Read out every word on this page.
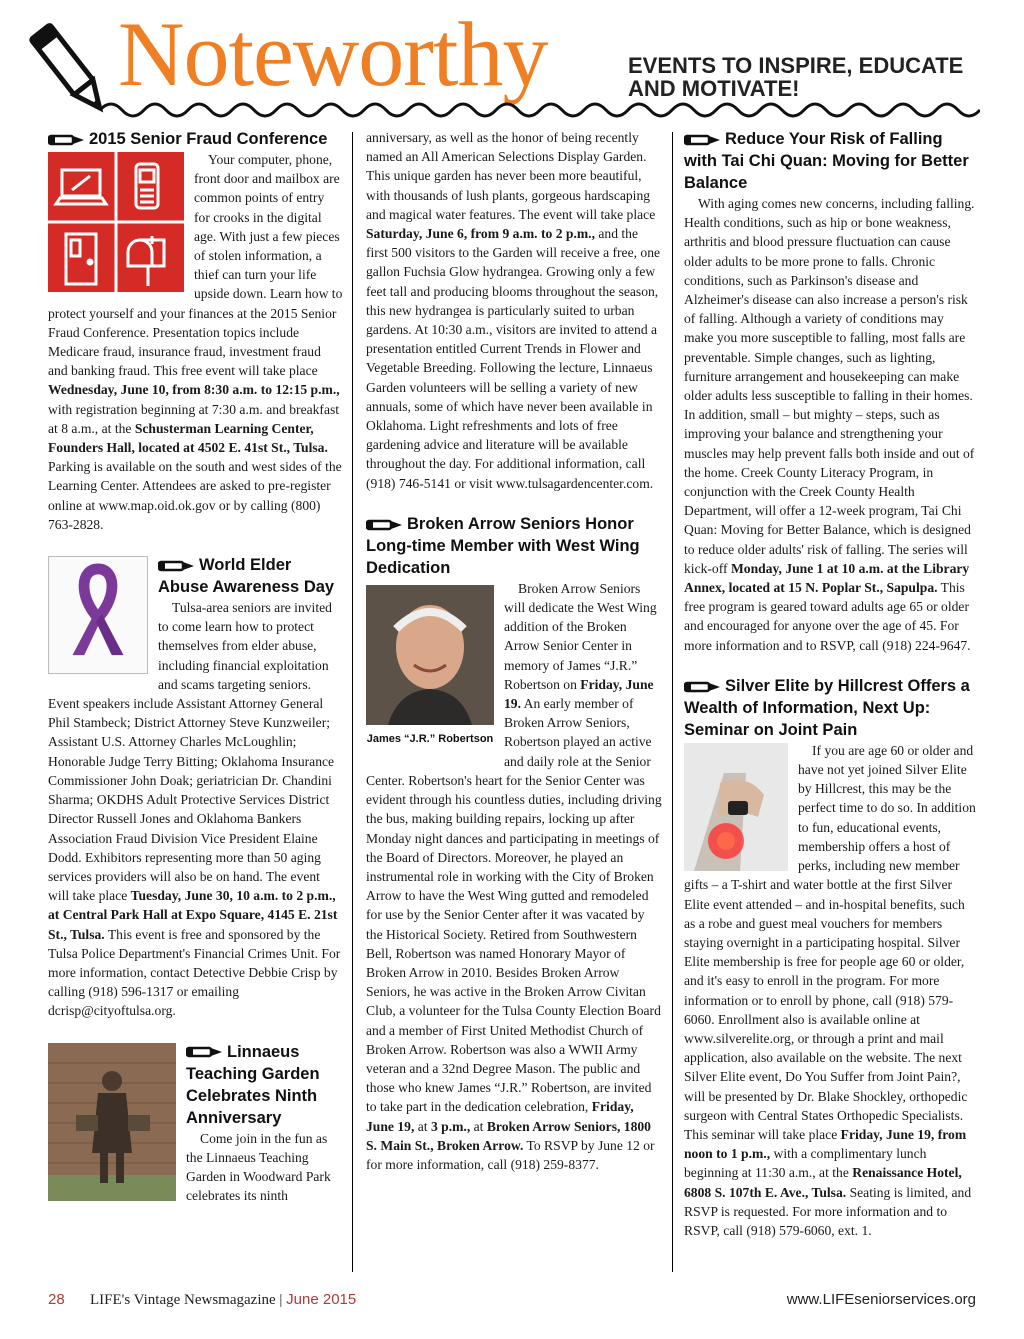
Noteworthy	EVENTS TO INSPIRE, EDUCATE AND MOTIVATE!
2015 Senior Fraud Conference

Your computer, phone, front door and mailbox are common points of entry for crooks in the digital age. With just a few pieces of stolen information, a thief can turn your life upside down. Learn how to protect yourself and your finances at the 2015 Senior Fraud Conference. Presentation topics include Medicare fraud, insurance fraud, investment fraud and banking fraud. This free event will take place Wednesday, June 10, from 8:30 a.m. to 12:15 p.m., with registration beginning at 7:30 a.m. and breakfast at 8 a.m., at the Schusterman Learning Center, Founders Hall, located at 4502 E. 41st St., Tulsa. Parking is available on the south and west sides of the Learning Center. Attendees are asked to pre-register online at www.map.oid.ok.gov or by calling (800) 763-2828.

World Elder Abuse Awareness Day

Tulsa-area seniors are invited to come learn how to protect themselves from elder abuse, including financial exploitation and scams targeting seniors. Event speakers include Assistant Attorney General Phil Stambeck; District Attorney Steve Kunzweiler; Assistant U.S. Attorney Charles McLoughlin; Honorable Judge Terry Bitting; Oklahoma Insurance Commissioner John Doak; geriatrician Dr. Chandini Sharma; OKDHS Adult Protective Services District Director Russell Jones and Oklahoma Bankers Association Fraud Division Vice President Elaine Dodd. Exhibitors representing more than 50 aging services providers will also be on hand. The event will take place Tuesday, June 30, 10 a.m. to 2 p.m., at Central Park Hall at Expo Square, 4145 E. 21st St., Tulsa. This event is free and sponsored by the Tulsa Police Department's Financial Crimes Unit. For more information, contact Detective Debbie Crisp by calling (918) 596-1317 or emailing dcrisp@cityoftulsa.org.

Linnaeus Teaching Garden Celebrates Ninth Anniversary

Come join in the fun as the Linnaeus Teaching Garden in Woodward Park celebrates its ninth

anniversary, as well as the honor of being recently named an All American Selections Display Garden. This unique garden has never been more beautiful, with thousands of lush plants, gorgeous hardscaping and magical water features. The event will take place Saturday, June 6, from 9 a.m. to 2 p.m., and the first 500 visitors to the Garden will receive a free, one gallon Fuchsia Glow hydrangea. Growing only a few feet tall and producing blooms throughout the season, this new hydrangea is particularly suited to urban gardens. At 10:30 a.m., visitors are invited to attend a presentation entitled Current Trends in Flower and Vegetable Breeding. Following the lecture, Linnaeus Garden volunteers will be selling a variety of new annuals, some of which have never been available in Oklahoma. Light refreshments and lots of free gardening advice and literature will be available throughout the day. For additional information, call (918) 746-5141 or visit www.tulsagardencenter.com.

Broken Arrow Seniors Honor Long-time Member with West Wing Dedication
James “J.R.” Robertson

Broken Arrow Seniors will dedicate the West Wing addition of the Broken Arrow Senior Center in memory of James “J.R.” Robertson on Friday, June 19. An early member of Broken Arrow Seniors, Robertson played an active and daily role at the Senior Center. Robertson's heart for the Senior Center was evident through his countless duties, including driving the bus, making building repairs, locking up after Monday night dances and participating in meetings of the Board of Directors. Moreover, he played an instrumental role in working with the City of Broken Arrow to have the West Wing gutted and remodeled for use by the Senior Center after it was vacated by the Historical Society. Retired from Southwestern Bell, Robertson was named Honorary Mayor of Broken Arrow in 2010. Besides Broken Arrow Seniors, he was active in the Broken Arrow Civitan Club, a volunteer for the Tulsa County Election Board and a member of First United Methodist Church of Broken Arrow. Robertson was also a WWII Army veteran and a 32nd Degree Mason. The public and those who knew James “J.R.” Robertson, are invited to take part in the dedication celebration, Friday, June 19, at 3 p.m., at Broken Arrow Seniors, 1800 S. Main St., Broken Arrow. To RSVP by June 12 or for more information, call (918) 259-8377.

Reduce Your Risk of Falling with Tai Chi Quan: Moving for Better Balance

With aging comes new concerns, including falling. Health conditions, such as hip or bone weakness, arthritis and blood pressure fluctuation can cause older adults to be more prone to falls. Chronic conditions, such as Parkinson's disease and Alzheimer's disease can also increase a person's risk of falling. Although a variety of conditions may make you more susceptible to falling, most falls are preventable. Simple changes, such as lighting, furniture arrangement and housekeeping can make older adults less susceptible to falling in their homes. In addition, small – but mighty – steps, such as improving your balance and strengthening your muscles may help prevent falls both inside and out of the home. Creek County Literacy Program, in conjunction with the Creek County Health Department, will offer a 12-week program, Tai Chi Quan: Moving for Better Balance, which is designed to reduce older adults' risk of falling. The series will kick-off Monday, June 1 at 10 a.m. at the Library Annex, located at 15 N. Poplar St., Sapulpa. This free program is geared toward adults age 65 or older and encouraged for anyone over the age of 45. For more information and to RSVP, call (918) 224-9647.

Silver Elite by Hillcrest Offers a Wealth of Information, Next Up: Seminar on Joint Pain

If you are age 60 or older and have not yet joined Silver Elite by Hillcrest, this may be the perfect time to do so. In addition to fun, educational events, membership offers a host of perks, including new member gifts – a T-shirt and water bottle at the first Silver Elite event attended – and in-hospital benefits, such as a robe and guest meal vouchers for members staying overnight in a participating hospital. Silver Elite membership is free for people age 60 or older, and it's easy to enroll in the program. For more information or to enroll by phone, call (918) 579-6060. Enrollment also is available online at www.silverelite.org, or through a print and mail application, also available on the website. The next Silver Elite event, Do You Suffer from Joint Pain?, will be presented by Dr. Blake Shockley, orthopedic surgeon with Central States Orthopedic Specialists. This seminar will take place Friday, June 19, from noon to 1 p.m., with a complimentary lunch beginning at 11:30 a.m., at the Renaissance Hotel, 6808 S. 107th E. Ave., Tulsa. Seating is limited, and RSVP is requested. For more information and to RSVP, call (918) 579-6060, ext. 1.

28 LIFE's Vintage Newsmagazine | June 2015	www.LIFEseniorservices.org
